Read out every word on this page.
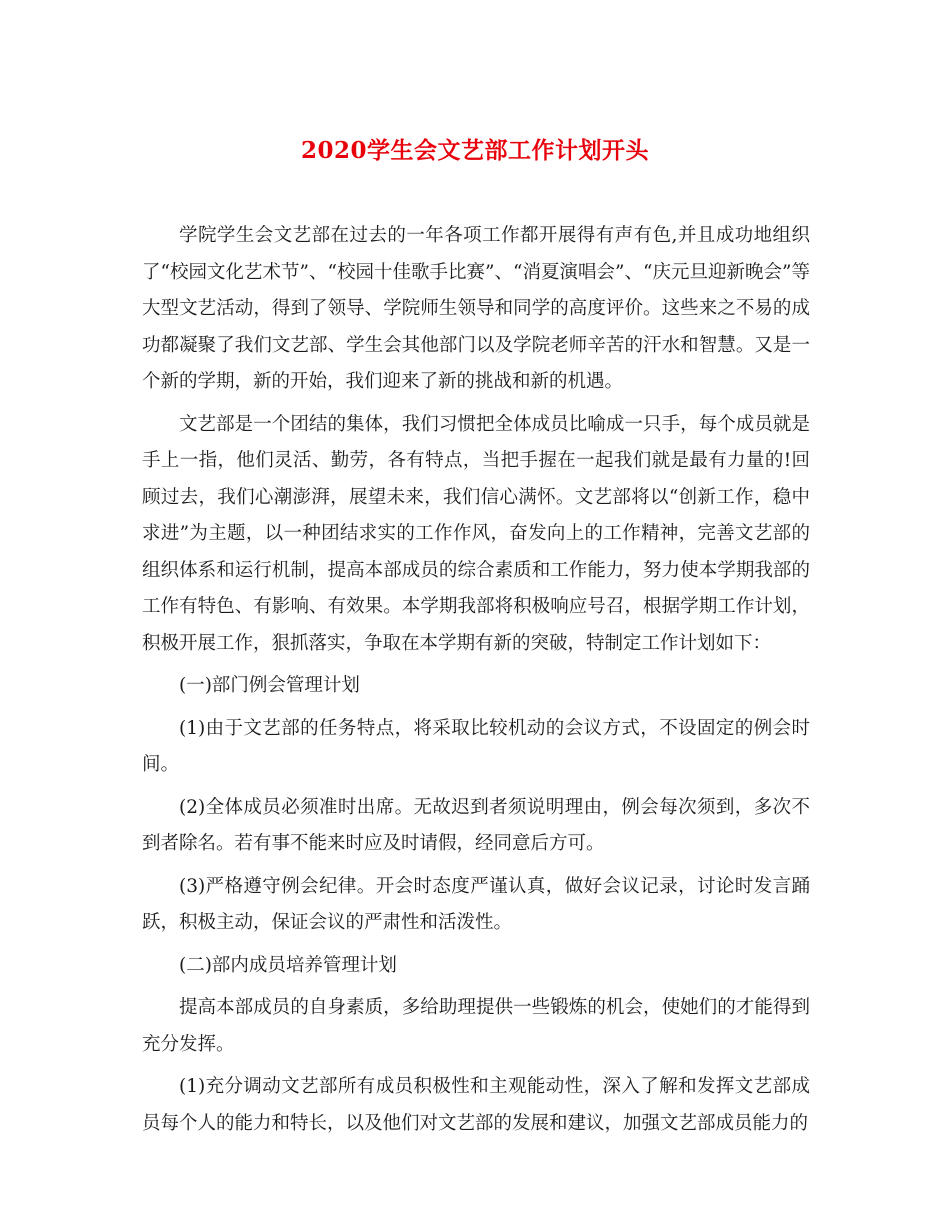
2020学生会文艺部工作计划开头

学院学生会文艺部在过去的一年各项工作都开展得有声有色,并且成功地组织了“校园文化艺术节”、“校园十佳歌手比赛”、“消夏演唱会”、“庆元旦迎新晚会”等大型文艺活动，得到了领导、学院师生领导和同学的高度评价。这些来之不易的成功都凝聚了我们文艺部、学生会其他部门以及学院老师辛苦的汗水和智慧。又是一个新的学期，新的开始，我们迎来了新的挑战和新的机遇。

文艺部是一个团结的集体，我们习惯把全体成员比喻成一只手，每个成员就是手上一指，他们灵活、勤劳，各有特点，当把手握在一起我们就是最有力量的!回顾过去，我们心潮澎湃，展望未来，我们信心满怀。文艺部将以“创新工作，稳中求进”为主题，以一种团结求实的工作作风，奋发向上的工作精神，完善文艺部的组织体系和运行机制，提高本部成员的综合素质和工作能力，努力使本学期我部的工作有特色、有影响、有效果。本学期我部将积极响应号召，根据学期工作计划，积极开展工作，狠抓落实，争取在本学期有新的突破，特制定工作计划如下：

(一)部门例会管理计划

(1)由于文艺部的任务特点，将采取比较机动的会议方式，不设固定的例会时间。

(2)全体成员必须准时出席。无故迟到者须说明理由，例会每次须到，多次不到者除名。若有事不能来时应及时请假，经同意后方可。

(3)严格遵守例会纪律。开会时态度严谨认真，做好会议记录，讨论时发言踊跃，积极主动，保证会议的严肃性和活泼性。

(二)部内成员培养管理计划

提高本部成员的自身素质，多给助理提供一些锻炼的机会，使她们的才能得到充分发挥。

(1)充分调动文艺部所有成员积极性和主观能动性，深入了解和发挥文艺部成员每个人的能力和特长，以及他们对文艺部的发展和建议，加强文艺部成员能力的
